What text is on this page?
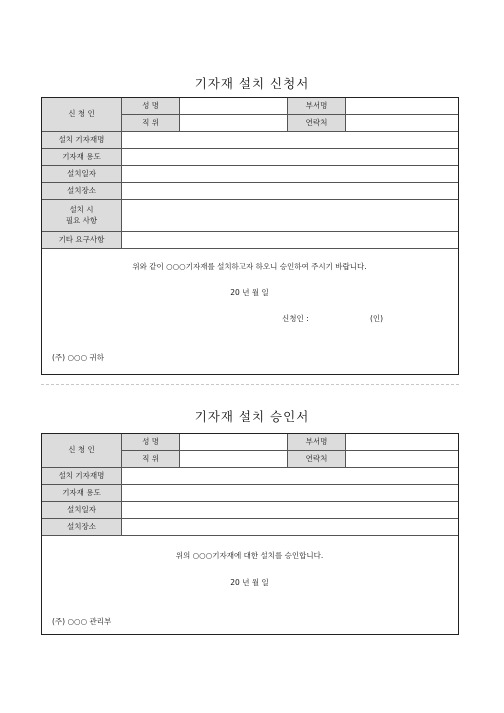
기자재 설치 신청서
신 청 인
성 명	부서명
직 위	연락처
설치 기자재명
기자재 용도
설치일자
설치장소
설치 시
필요 사항
기타 요구사항
위와 같이 ○○○기자재를 설치하고자 하오니 승인하여 주시기 바랍니다.
20 년 월 일
신청인 :	(인)
(주) ○○○ 귀하
기자재 설치 승인서
신 청 인
성 명	부서명
직 위	연락처
설치 기자재명
기자재 용도
설치일자
설치장소
위의 ○○○기자재에 대한 설치를 승인합니다.
20 년 월 일
(주) ○○○ 관리부
